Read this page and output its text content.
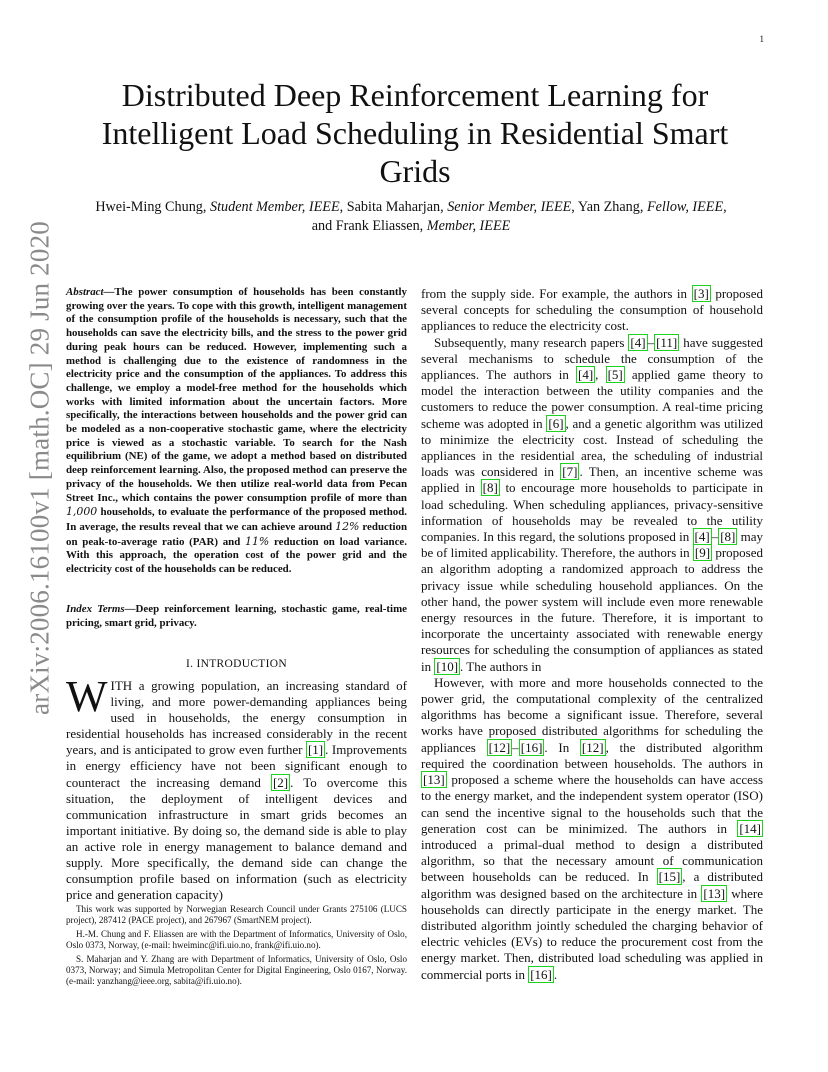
1
arXiv:2006.16100v1 [math.OC] 29 Jun 2020
Distributed Deep Reinforcement Learning for Intelligent Load Scheduling in Residential Smart Grids
Hwei-Ming Chung, Student Member, IEEE, Sabita Maharjan, Senior Member, IEEE, Yan Zhang, Fellow, IEEE,
and Frank Eliassen, Member, IEEE
Abstract—The power consumption of households has been constantly growing over the years. To cope with this growth, intelligent management of the consumption profile of the households is necessary, such that the households can save the electricity bills, and the stress to the power grid during peak hours can be reduced. However, implementing such a method is challenging due to the existence of randomness in the electricity price and the consumption of the appliances. To address this challenge, we employ a model-free method for the households which works with limited information about the uncertain factors. More specifically, the interactions between households and the power grid can be modeled as a non-cooperative stochastic game, where the electricity price is viewed as a stochastic variable. To search for the Nash equilibrium (NE) of the game, we adopt a method based on distributed deep reinforcement learning. Also, the proposed method can preserve the privacy of the households. We then utilize real-world data from Pecan Street Inc., which contains the power consumption profile of more than 1,000 households, to evaluate the performance of the proposed method. In average, the results reveal that we can achieve around 12% reduction on peak-to-average ratio (PAR) and 11% reduction on load variance. With this approach, the operation cost of the power grid and the electricity cost of the households can be reduced.
Index Terms—Deep reinforcement learning, stochastic game, real-time pricing, smart grid, privacy.
I. INTRODUCTION
WITH a growing population, an increasing standard of living, and more power-demanding appliances being used in households, the energy consumption in residential households has increased considerably in the recent years, and is anticipated to grow even further [1] . Improvements in energy efficiency have not been significant enough to counteract the increasing demand [2] . To overcome this situation, the deployment of intelligent devices and communication infrastructure in smart grids becomes an important initiative. By doing so, the demand side is able to play an active role in energy management to balance demand and supply. More specifically, the demand side can change the consumption profile based on information (such as electricity price and generation capacity)

This work was supported by Norwegian Research Council under Grants 275106 (LUCS project), 287412 (PACE project), and 267967 (SmartNEM project).

H.-M. Chung and F. Eliassen are with the Department of Informatics, University of Oslo, Oslo 0373, Norway, (e-mail: hweiminc@ifi.uio.no, frank@ifi.uio.no).

S. Maharjan and Y. Zhang are with Department of Informatics, University of Oslo, Oslo 0373, Norway; and Simula Metropolitan Center for Digital Engineering, Oslo 0167, Norway. (e-mail: yanzhang@ieee.org, sabita@ifi.uio.no).

from the supply side. For example, the authors in [3] proposed several concepts for scheduling the consumption of household appliances to reduce the electricity cost.

Subsequently, many research papers [4] – [11] have suggested several mechanisms to schedule the consumption of the appliances. The authors in [4] , [5] applied game theory to model the interaction between the utility companies and the customers to reduce the power consumption. A real-time pricing scheme was adopted in [6] , and a genetic algorithm was utilized to minimize the electricity cost. Instead of scheduling the appliances in the residential area, the scheduling of industrial loads was considered in [7] . Then, an incentive scheme was applied in [8] to encourage more households to participate in load scheduling. When scheduling appliances, privacy-sensitive information of households may be revealed to the utility companies. In this regard, the solutions proposed in [4] – [8] may be of limited applicability. Therefore, the authors in [9] proposed an algorithm adopting a randomized approach to address the privacy issue while scheduling household appliances. On the other hand, the power system will include even more renewable energy resources in the future. Therefore, it is important to incorporate the uncertainty associated with renewable energy resources for scheduling the consumption of appliances as stated in [10] . The authors in

However, with more and more households connected to the power grid, the computational complexity of the centralized algorithms has become a significant issue. Therefore, several works have proposed distributed algorithms for scheduling the appliances [12] – [16] . In [12] , the distributed algorithm required the coordination between households. The authors in [13] proposed a scheme where the households can have access to the energy market, and the independent system operator (ISO) can send the incentive signal to the households such that the generation cost can be minimized. The authors in [14] introduced a primal-dual method to design a distributed algorithm, so that the necessary amount of communication between households can be reduced. In [15] , a distributed algorithm was designed based on the architecture in [13] where households can directly participate in the energy market. The distributed algorithm jointly scheduled the charging behavior of electric vehicles (EVs) to reduce the procurement cost from the energy market. Then, distributed load scheduling was applied in commercial ports in [16] .
